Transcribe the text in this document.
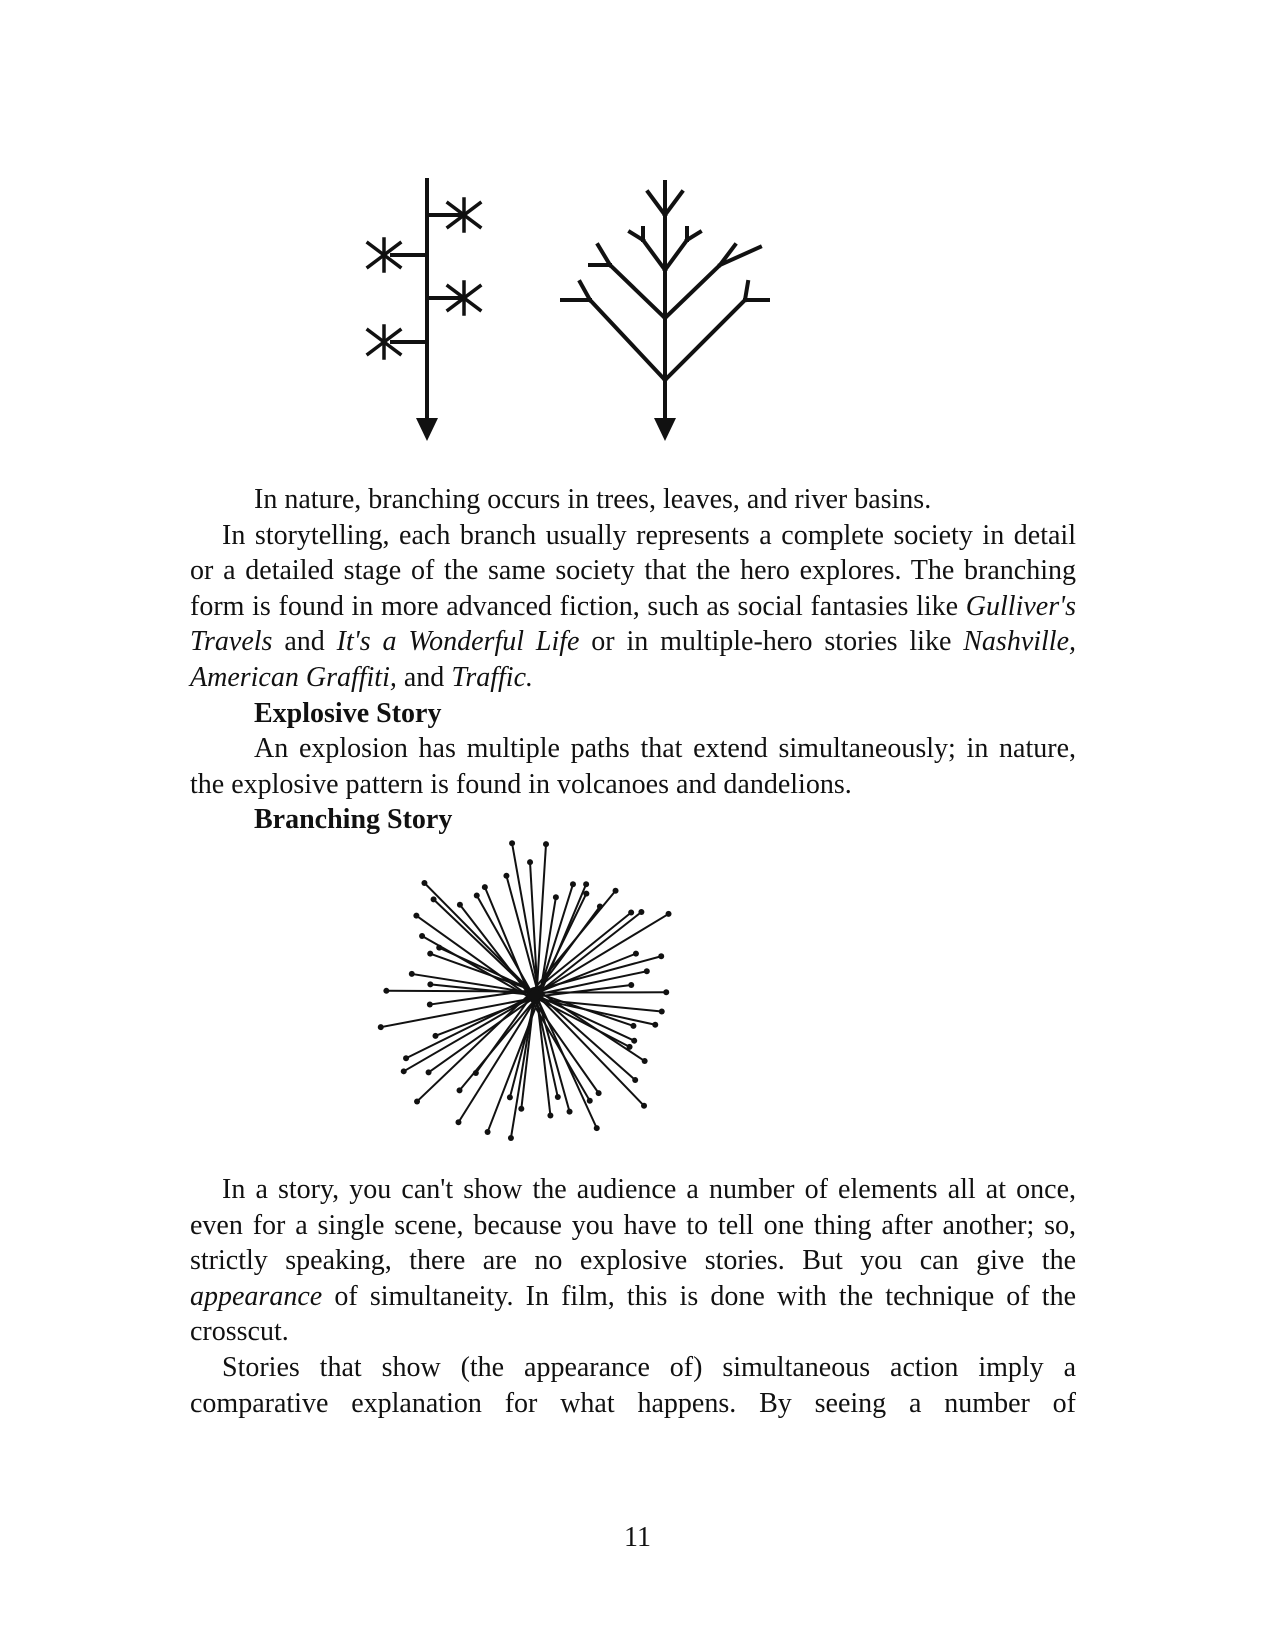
In nature, branching occurs in trees, leaves, and river basins.

In storytelling, each branch usually represents a complete society in detail or a detailed stage of the same society that the hero explores. The branching form is found in more advanced fiction, such as social fantasies like Gulliver's Travels and It's a Wonderful Life or in multiple-hero stories like Nashville, American Graffiti, and Traffic.

Explosive Story

An explosion has multiple paths that extend simultaneously; in nature, the explosive pattern is found in volcanoes and dandelions.

Branching Story

In a story, you can't show the audience a number of elements all at once, even for a single scene, because you have to tell one thing after another; so, strictly speaking, there are no explosive stories. But you can give the appearance of simultaneity. In film, this is done with the technique of the crosscut.

Stories that show (the appearance of) simultaneous action imply a comparative explanation for what happens. By seeing a number of

11
